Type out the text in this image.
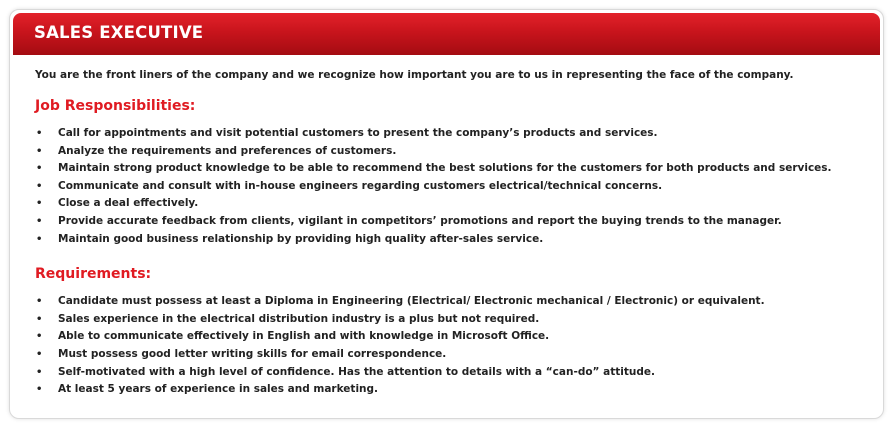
SALES EXECUTIVE

You are the front liners of the company and we recognize how important you are to us in representing the face of the company.

Job Responsibilities:
• Call for appointments and visit potential customers to present the company’s products and services.
• Analyze the requirements and preferences of customers.
• Maintain strong product knowledge to be able to recommend the best solutions for the customers for both products and services.
• Communicate and consult with in-house engineers regarding customers electrical/technical concerns.
• Close a deal effectively.
• Provide accurate feedback from clients, vigilant in competitors’ promotions and report the buying trends to the manager.
• Maintain good business relationship by providing high quality after-sales service.
Requirements:
• Candidate must possess at least a Diploma in Engineering (Electrical/ Electronic mechanical / Electronic) or equivalent.
• Sales experience in the electrical distribution industry is a plus but not required.
• Able to communicate effectively in English and with knowledge in Microsoft Office.
• Must possess good letter writing skills for email correspondence.
• Self-motivated with a high level of confidence. Has the attention to details with a “can-do” attitude.
• At least 5 years of experience in sales and marketing.
